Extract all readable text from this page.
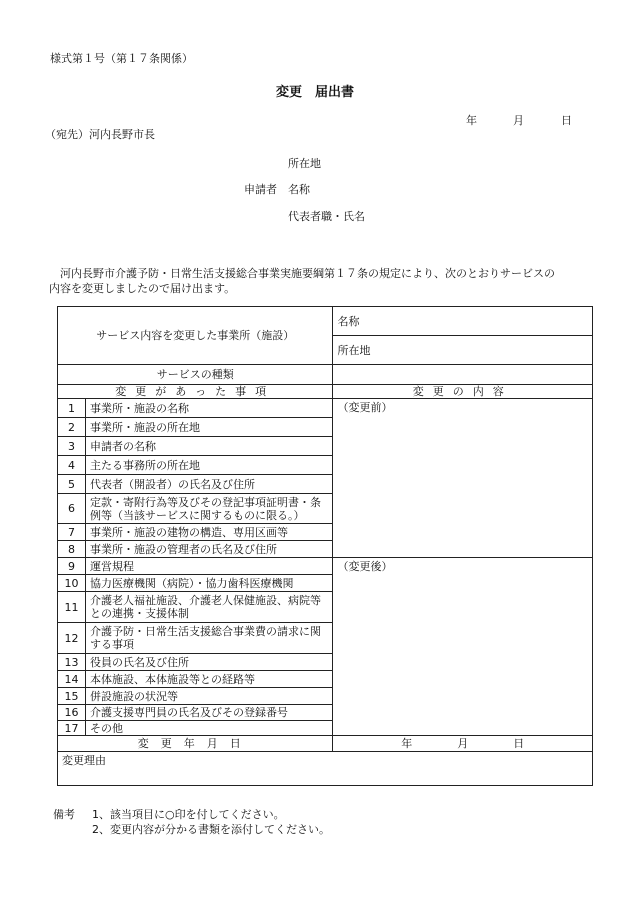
様式第１号（第１７条関係）
変更　届出書
年	月	日
（宛先）河内長野市長
所在地
申請者 名称
代表者職・氏名
河内長野市介護予防・日常生活支援総合事業実施要綱第１７条の規定により、次のとおりサービスの
内容を変更しましたので届け出ます。
サービス内容を変更した事業所（施設）		名称
		所在地
サービスの種類		
変更があった事項		変更の内容
1	事業所・施設の名称	（変更前）
2	事業所・施設の所在地	
3	申請者の名称	
4	主たる事務所の所在地	
5	代表者（開設者）の氏名及び住所	
6	定款・寄附行為等及びその登記事項証明書・条例等（当該サービスに関するものに限る。）	
7	事業所・施設の建物の構造、専用区画等	
8	事業所・施設の管理者の氏名及び住所	
9	運営規程	（変更後）
10	協力医療機関（病院）・協力歯科医療機関	
11	介護老人福祉施設、介護老人保健施設、病院等との連携・支援体制	
12	介護予防・日常生活支援総合事業費の請求に関する事項	
13	役員の氏名及び住所	
14	本体施設、本体施設等との経路等	
15	併設施設の状況等	
16	介護支援専門員の氏名及びその登録番号	
17	その他	
変更年月日		年 月 日
変更理由		
備考 1、該当項目に○印を付してください。
2、変更内容が分かる書類を添付してください。
